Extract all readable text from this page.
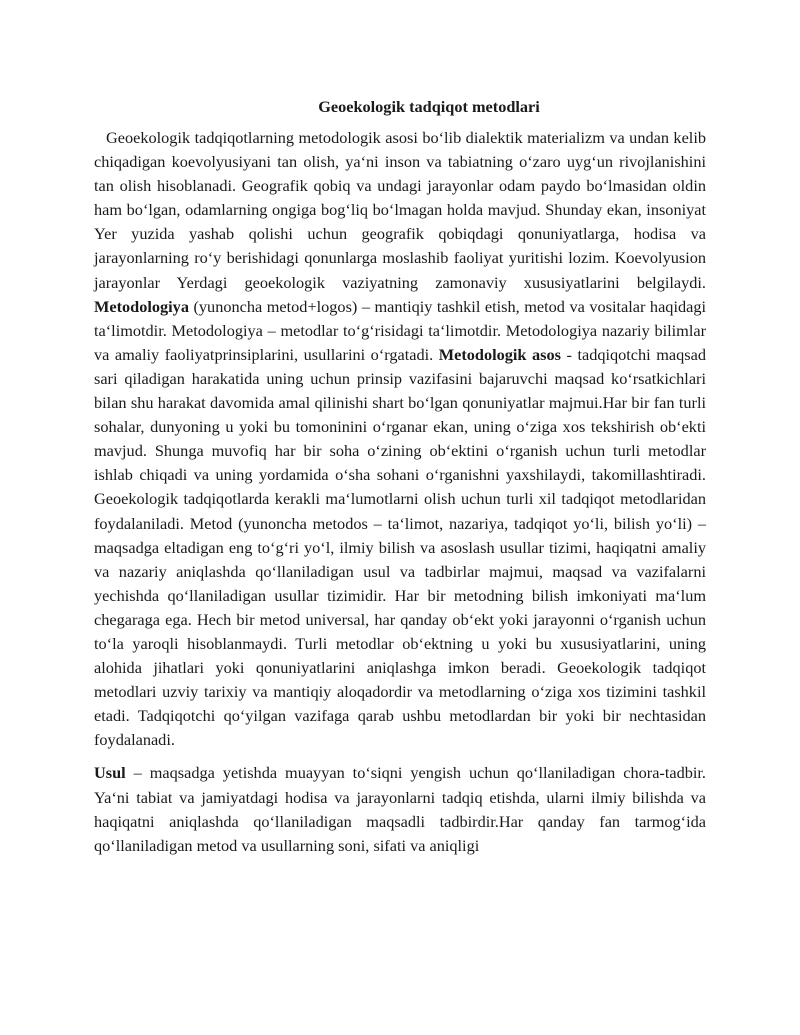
Geoekologik tadqiqot metodlari

Geoekologik tadqiqotlarning metodologik asosi bo‘lib dialektik materializm va undan kelib chiqadigan koevolyusiyani tan olish, ya‘ni inson va tabiatning o‘zaro uyg‘un rivojlanishini tan olish hisoblanadi. Geografik qobiq va undagi jarayonlar odam paydo bo‘lmasidan oldin ham bo‘lgan, odamlarning ongiga bog‘liq bo‘lmagan holda mavjud. Shunday ekan, insoniyat Yer yuzida yashab qolishi uchun geografik qobiqdagi qonuniyatlarga, hodisa va jarayonlarning ro‘y berishidagi qonunlarga moslashib faoliyat yuritishi lozim. Koevolyusion jarayonlar Yerdagi geoekologik vaziyatning zamonaviy xususiyatlarini belgilaydi. Metodologiya (yunoncha metod+logos) – mantiqiy tashkil etish, metod va vositalar haqidagi ta‘limotdir. Metodologiya – metodlar to‘g‘risidagi ta‘limotdir. Metodologiya nazariy bilimlar va amaliy faoliyatprinsiplarini, usullarini o‘rgatadi. Metodologik asos - tadqiqotchi maqsad sari qiladigan harakatida uning uchun prinsip vazifasini bajaruvchi maqsad ko‘rsatkichlari bilan shu harakat davomida amal qilinishi shart bo‘lgan qonuniyatlar majmui.Har bir fan turli sohalar, dunyoning u yoki bu tomoninini o‘rganar ekan, uning o‘ziga xos tekshirish ob‘ekti mavjud. Shunga muvofiq har bir soha o‘zining ob‘ektini o‘rganish uchun turli metodlar ishlab chiqadi va uning yordamida o‘sha sohani o‘rganishni yaxshilaydi, takomillashtiradi. Geoekologik tadqiqotlarda kerakli ma‘lumotlarni olish uchun turli xil tadqiqot metodlaridan foydalaniladi. Metod (yunoncha metodos – ta‘limot, nazariya, tadqiqot yo‘li, bilish yo‘li) – maqsadga eltadigan eng to‘g‘ri yo‘l, ilmiy bilish va asoslash usullar tizimi, haqiqatni amaliy va nazariy aniqlashda qo‘llaniladigan usul va tadbirlar majmui, maqsad va vazifalarni yechishda qo‘llaniladigan usullar tizimidir. Har bir metodning bilish imkoniyati ma‘lum chegaraga ega. Hech bir metod universal, har qanday ob‘ekt yoki jarayonni o‘rganish uchun to‘la yaroqli hisoblanmaydi. Turli metodlar ob‘ektning u yoki bu xususiyatlarini, uning alohida jihatlari yoki qonuniyatlarini aniqlashga imkon beradi. Geoekologik tadqiqot metodlari uzviy tarixiy va mantiqiy aloqadordir va metodlarning o‘ziga xos tizimini tashkil etadi. Tadqiqotchi qo‘yilgan vazifaga qarab ushbu metodlardan bir yoki bir nechtasidan foydalanadi.

Usul – maqsadga yetishda muayyan to‘siqni yengish uchun qo‘llaniladigan chora-tadbir. Ya‘ni tabiat va jamiyatdagi hodisa va jarayonlarni tadqiq etishda, ularni ilmiy bilishda va haqiqatni aniqlashda qo‘llaniladigan maqsadli tadbirdir.Har qanday fan tarmog‘ida qo‘llaniladigan metod va usullarning soni, sifati va aniqligi
